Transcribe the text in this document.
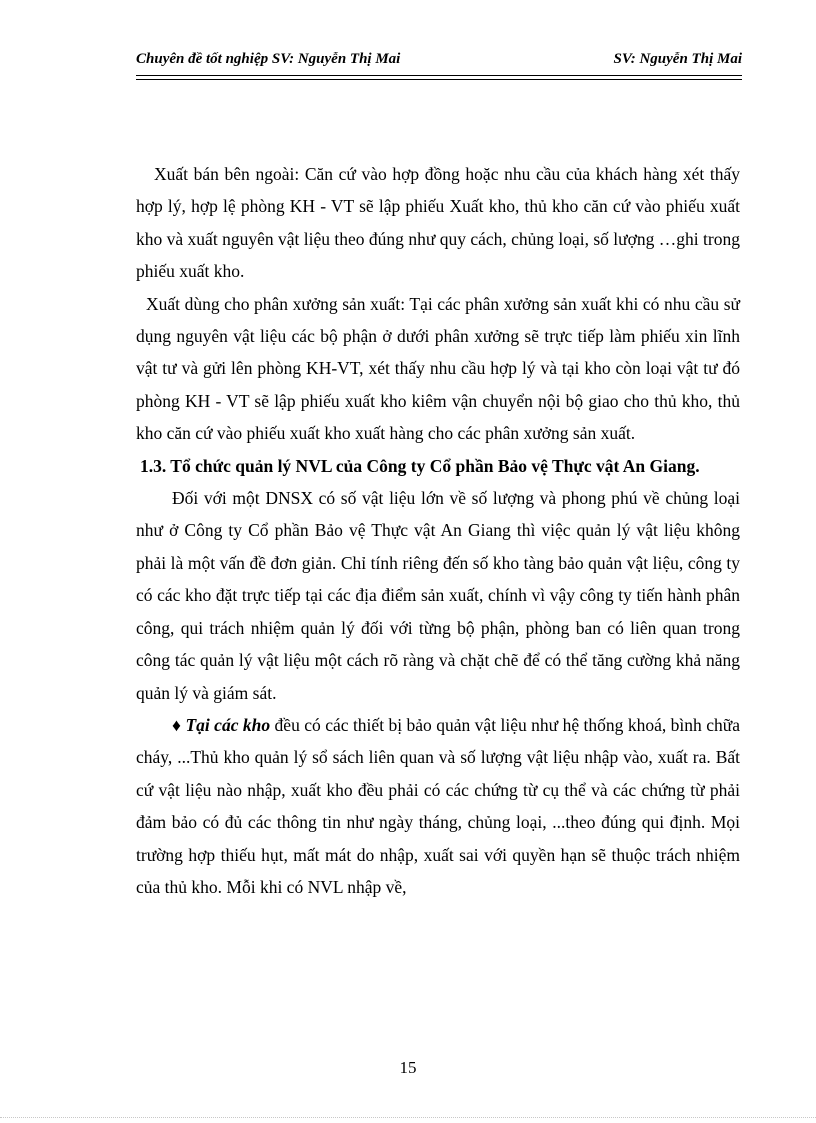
Chuyên đề tốt nghiệp SV: Nguyễn Thị Mai	SV: Nguyễn Thị Mai

Xuất bán bên ngoài: Căn cứ vào hợp đồng hoặc nhu cầu của khách hàng xét thấy hợp lý, hợp lệ phòng KH - VT sẽ lập phiếu Xuất kho, thủ kho căn cứ vào phiếu xuất kho và xuất nguyên vật liệu theo đúng như quy cách, chủng loại, số lượng …ghi trong phiếu xuất kho.

Xuất dùng cho phân xưởng sản xuất: Tại các phân xưởng sản xuất khi có nhu cầu sử dụng nguyên vật liệu các bộ phận ở dưới phân xưởng sẽ trực tiếp làm phiếu xin lĩnh vật tư và gửi lên phòng KH-VT, xét thấy nhu cầu hợp lý và tại kho còn loại vật tư đó phòng KH - VT sẽ lập phiếu xuất kho kiêm vận chuyển nội bộ giao cho thủ kho, thủ kho căn cứ vào phiếu xuất kho xuất hàng cho các phân xưởng sản xuất.

1.3. Tổ chức quản lý NVL của Công ty Cổ phần Bảo vệ Thực vật An Giang.

Đối với một DNSX có số vật liệu lớn về số lượng và phong phú về chủng loại như ở Công ty Cổ phần Bảo vệ Thực vật An Giang thì việc quản lý vật liệu không phải là một vấn đề đơn giản. Chỉ tính riêng đến số kho tàng bảo quản vật liệu, công ty có các kho đặt trực tiếp tại các địa điểm sản xuất, chính vì vậy công ty tiến hành phân công, qui trách nhiệm quản lý đối với từng bộ phận, phòng ban có liên quan trong công tác quản lý vật liệu một cách rõ ràng và chặt chẽ để có thể tăng cường khả năng quản lý và giám sát.

♦ Tại các kho đều có các thiết bị bảo quản vật liệu như hệ thống khoá, bình chữa cháy, ...Thủ kho quản lý sổ sách liên quan và số lượng vật liệu nhập vào, xuất ra. Bất cứ vật liệu nào nhập, xuất kho đều phải có các chứng từ cụ thể và các chứng từ phải đảm bảo có đủ các thông tin như ngày tháng, chủng loại, ...theo đúng qui định. Mọi trường hợp thiếu hụt, mất mát do nhập, xuất sai với quyền hạn sẽ thuộc trách nhiệm của thủ kho. Mỗi khi có NVL nhập về,

15
